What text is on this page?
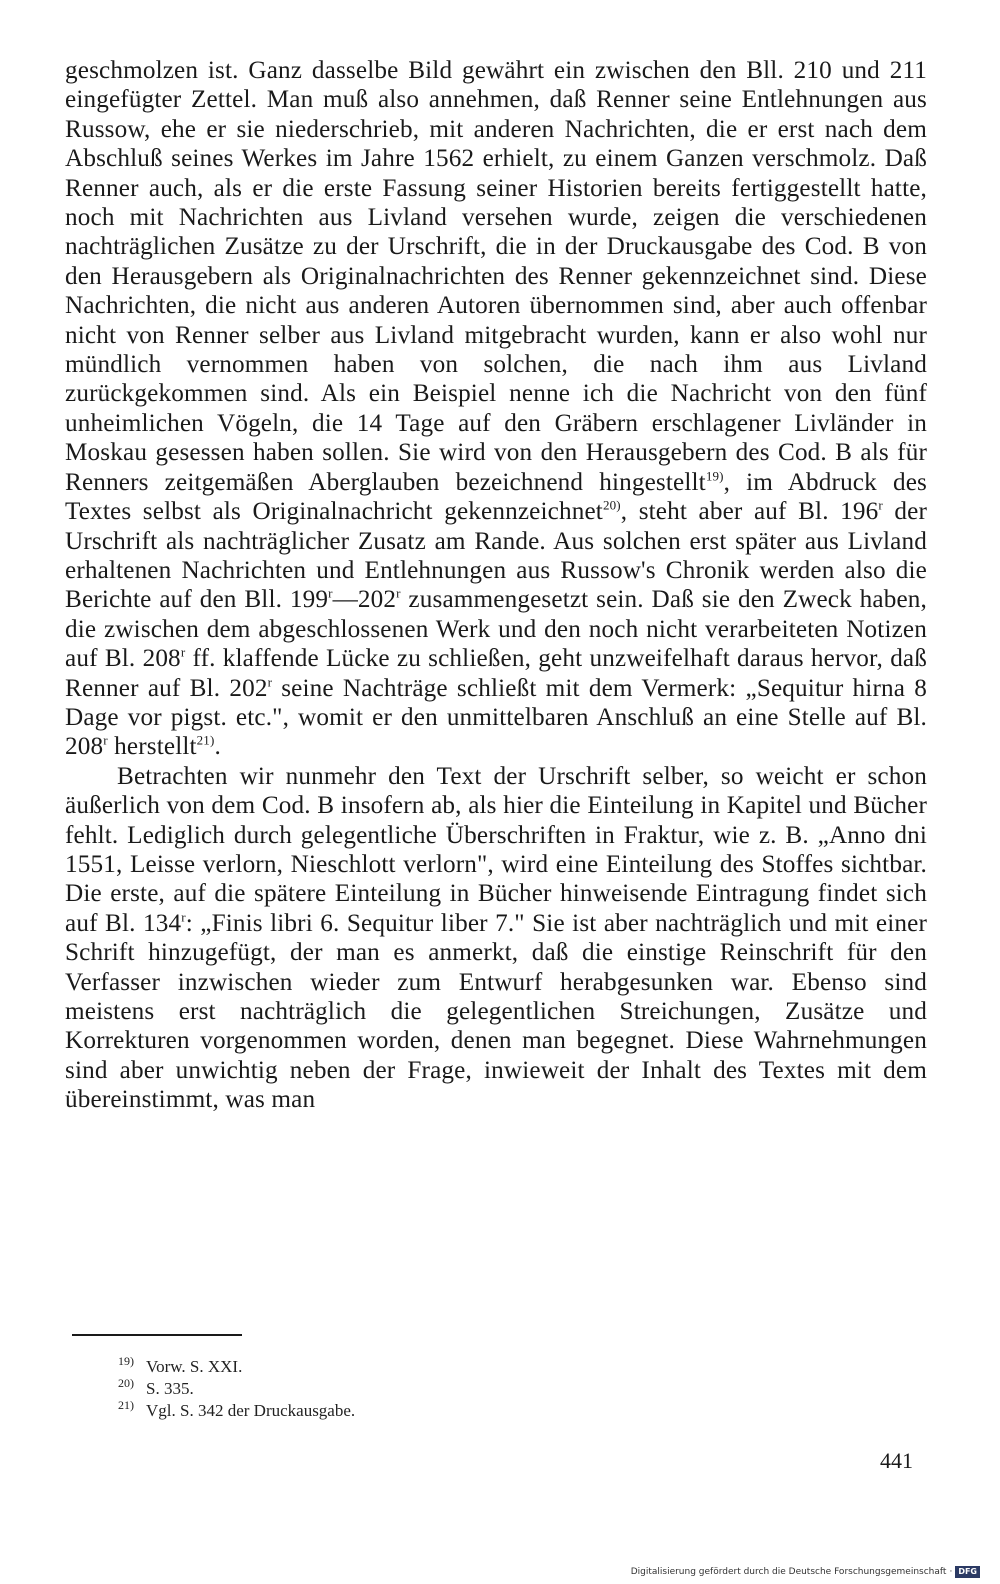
geschmolzen ist. Ganz dasselbe Bild gewährt ein zwischen den Bll. 210 und 211 eingefügter Zettel. Man muß also annehmen, daß Renner seine Entlehnungen aus Russow, ehe er sie niederschrieb, mit anderen Nachrichten, die er erst nach dem Abschluß seines Werkes im Jahre 1562 erhielt, zu einem Ganzen verschmolz. Daß Renner auch, als er die erste Fassung seiner Historien bereits fertiggestellt hatte, noch mit Nachrichten aus Livland versehen wurde, zeigen die verschiedenen nachträglichen Zusätze zu der Urschrift, die in der Druckausgabe des Cod. B von den Herausgebern als Originalnachrichten des Renner gekennzeichnet sind. Diese Nachrichten, die nicht aus anderen Autoren übernommen sind, aber auch offenbar nicht von Renner selber aus Livland mitgebracht wurden, kann er also wohl nur mündlich vernommen haben von solchen, die nach ihm aus Livland zurückgekommen sind. Als ein Beispiel nenne ich die Nachricht von den fünf unheimlichen Vögeln, die 14 Tage auf den Gräbern erschlagener Livländer in Moskau gesessen haben sollen. Sie wird von den Herausgebern des Cod. B als für Renners zeitgemäßen Aberglauben bezeichnend hingestellt$^{19)}$, im Abdruck des Textes selbst als Originalnachricht gekennzeichnet$^{20)}$, steht aber auf Bl. 196$^r$ der Urschrift als nachträglicher Zusatz am Rande. Aus solchen erst später aus Livland erhaltenen Nachrichten und Entlehnungen aus Russow's Chronik werden also die Berichte auf den Bll. 199$^r$—202$^r$ zusammengesetzt sein. Daß sie den Zweck haben, die zwischen dem abgeschlossenen Werk und den noch nicht verarbeiteten Notizen auf Bl. 208$^r$ ff. klaffende Lücke zu schließen, geht unzweifelhaft daraus hervor, daß Renner auf Bl. 202$^r$ seine Nachträge schließt mit dem Vermerk: „Sequitur hirna 8 Dage vor pigst. etc.", womit er den unmittelbaren Anschluß an eine Stelle auf Bl. 208$^r$ herstellt$^{21)}$.

Betrachten wir nunmehr den Text der Urschrift selber, so weicht er schon äußerlich von dem Cod. B insofern ab, als hier die Einteilung in Kapitel und Bücher fehlt. Lediglich durch gelegentliche Überschriften in Fraktur, wie z. B. „Anno dni 1551, Leisse verlorn, Nieschlott verlorn", wird eine Einteilung des Stoffes sichtbar. Die erste, auf die spätere Einteilung in Bücher hinweisende Eintragung findet sich auf Bl. 134$^r$: „Finis libri 6. Sequitur liber 7." Sie ist aber nachträglich und mit einer Schrift hinzugefügt, der man es anmerkt, daß die einstige Reinschrift für den Verfasser inzwischen wieder zum Entwurf herabgesunken war. Ebenso sind meistens erst nachträglich die gelegentlichen Streichungen, Zusätze und Korrekturen vorgenommen worden, denen man begegnet. Diese Wahrnehmungen sind aber unwichtig neben der Frage, inwieweit der Inhalt des Textes mit dem übereinstimmt, was man

19) Vorw. S. XXI.
20) S. 335.
21) Vgl. S. 342 der Druckausgabe.
441
Digitalisierung gefördert durch die Deutsche Forschungsgemeinschaft · DFG
